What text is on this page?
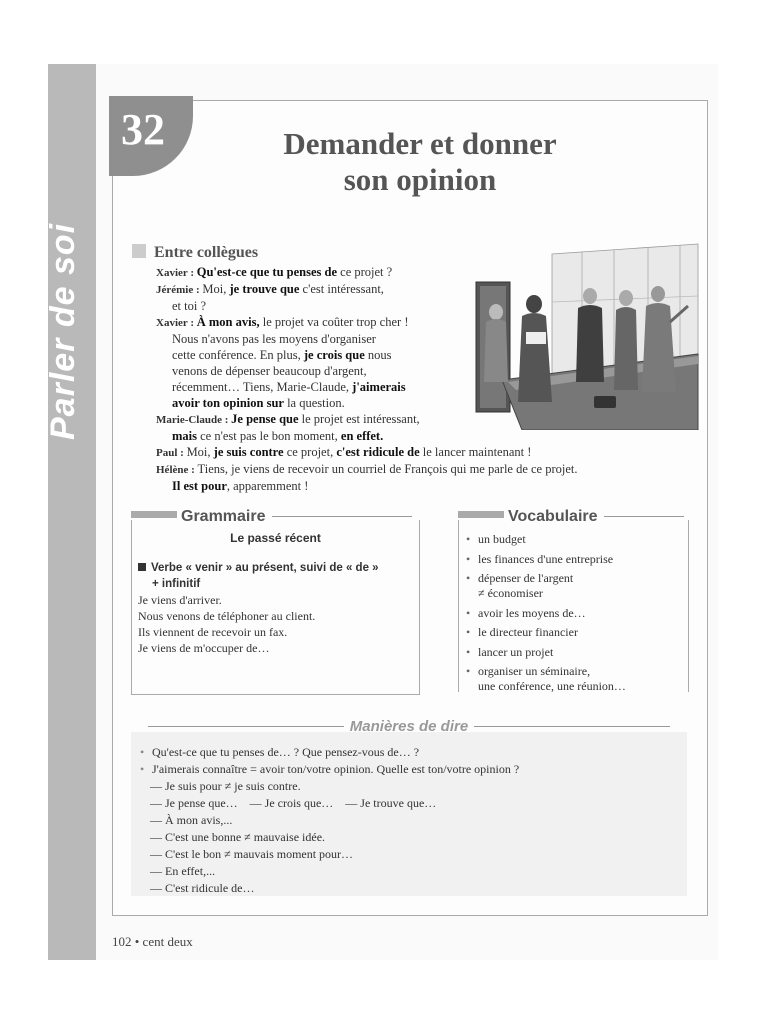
Parler de soi
32	Demander et donner
son opinion
Entre collègues
Xavier : Qu'est-ce que tu penses de ce projet ?
Jérémie : Moi, je trouve que c'est intéressant,
et toi ?
Xavier : À mon avis, le projet va coûter trop cher !
Nous n'avons pas les moyens d'organiser
cette conférence. En plus, je crois que nous
venons de dépenser beaucoup d'argent,
récemment… Tiens, Marie-Claude, j'aimerais
avoir ton opinion sur la question.
Marie-Claude : Je pense que le projet est intéressant,
mais ce n'est pas le bon moment, en effet.
Paul : Moi, je suis contre ce projet, c'est ridicule de le lancer maintenant !
Hélène : Tiens, je viens de recevoir un courriel de François qui me parle de ce projet.
Il est pour, apparemment !
Grammaire
Le passé récent
Verbe « venir » au présent, suivi de « de »
+ infinitif
Je viens d'arriver.
Nous venons de téléphoner au client.
Ils viennent de recevoir un fax.
Je viens de m'occuper de…
Vocabulaire
• un budget
• les finances d'une entreprise
• dépenser de l'argent
≠ économiser
• avoir les moyens de…
• le directeur financier
• lancer un projet
• organiser un séminaire,
une conférence, une réunion…
Manières de dire
• Qu'est-ce que tu penses de… ? Que pensez-vous de… ?
• J'aimerais connaître = avoir ton/votre opinion. Quelle est ton/votre opinion ?
— Je suis pour ≠ je suis contre.
— Je pense que…    — Je crois que…    — Je trouve que…
— À mon avis,...
— C'est une bonne ≠ mauvaise idée.
— C'est le bon ≠ mauvais moment pour…
— En effet,...
— C'est ridicule de…
102 • cent deux
